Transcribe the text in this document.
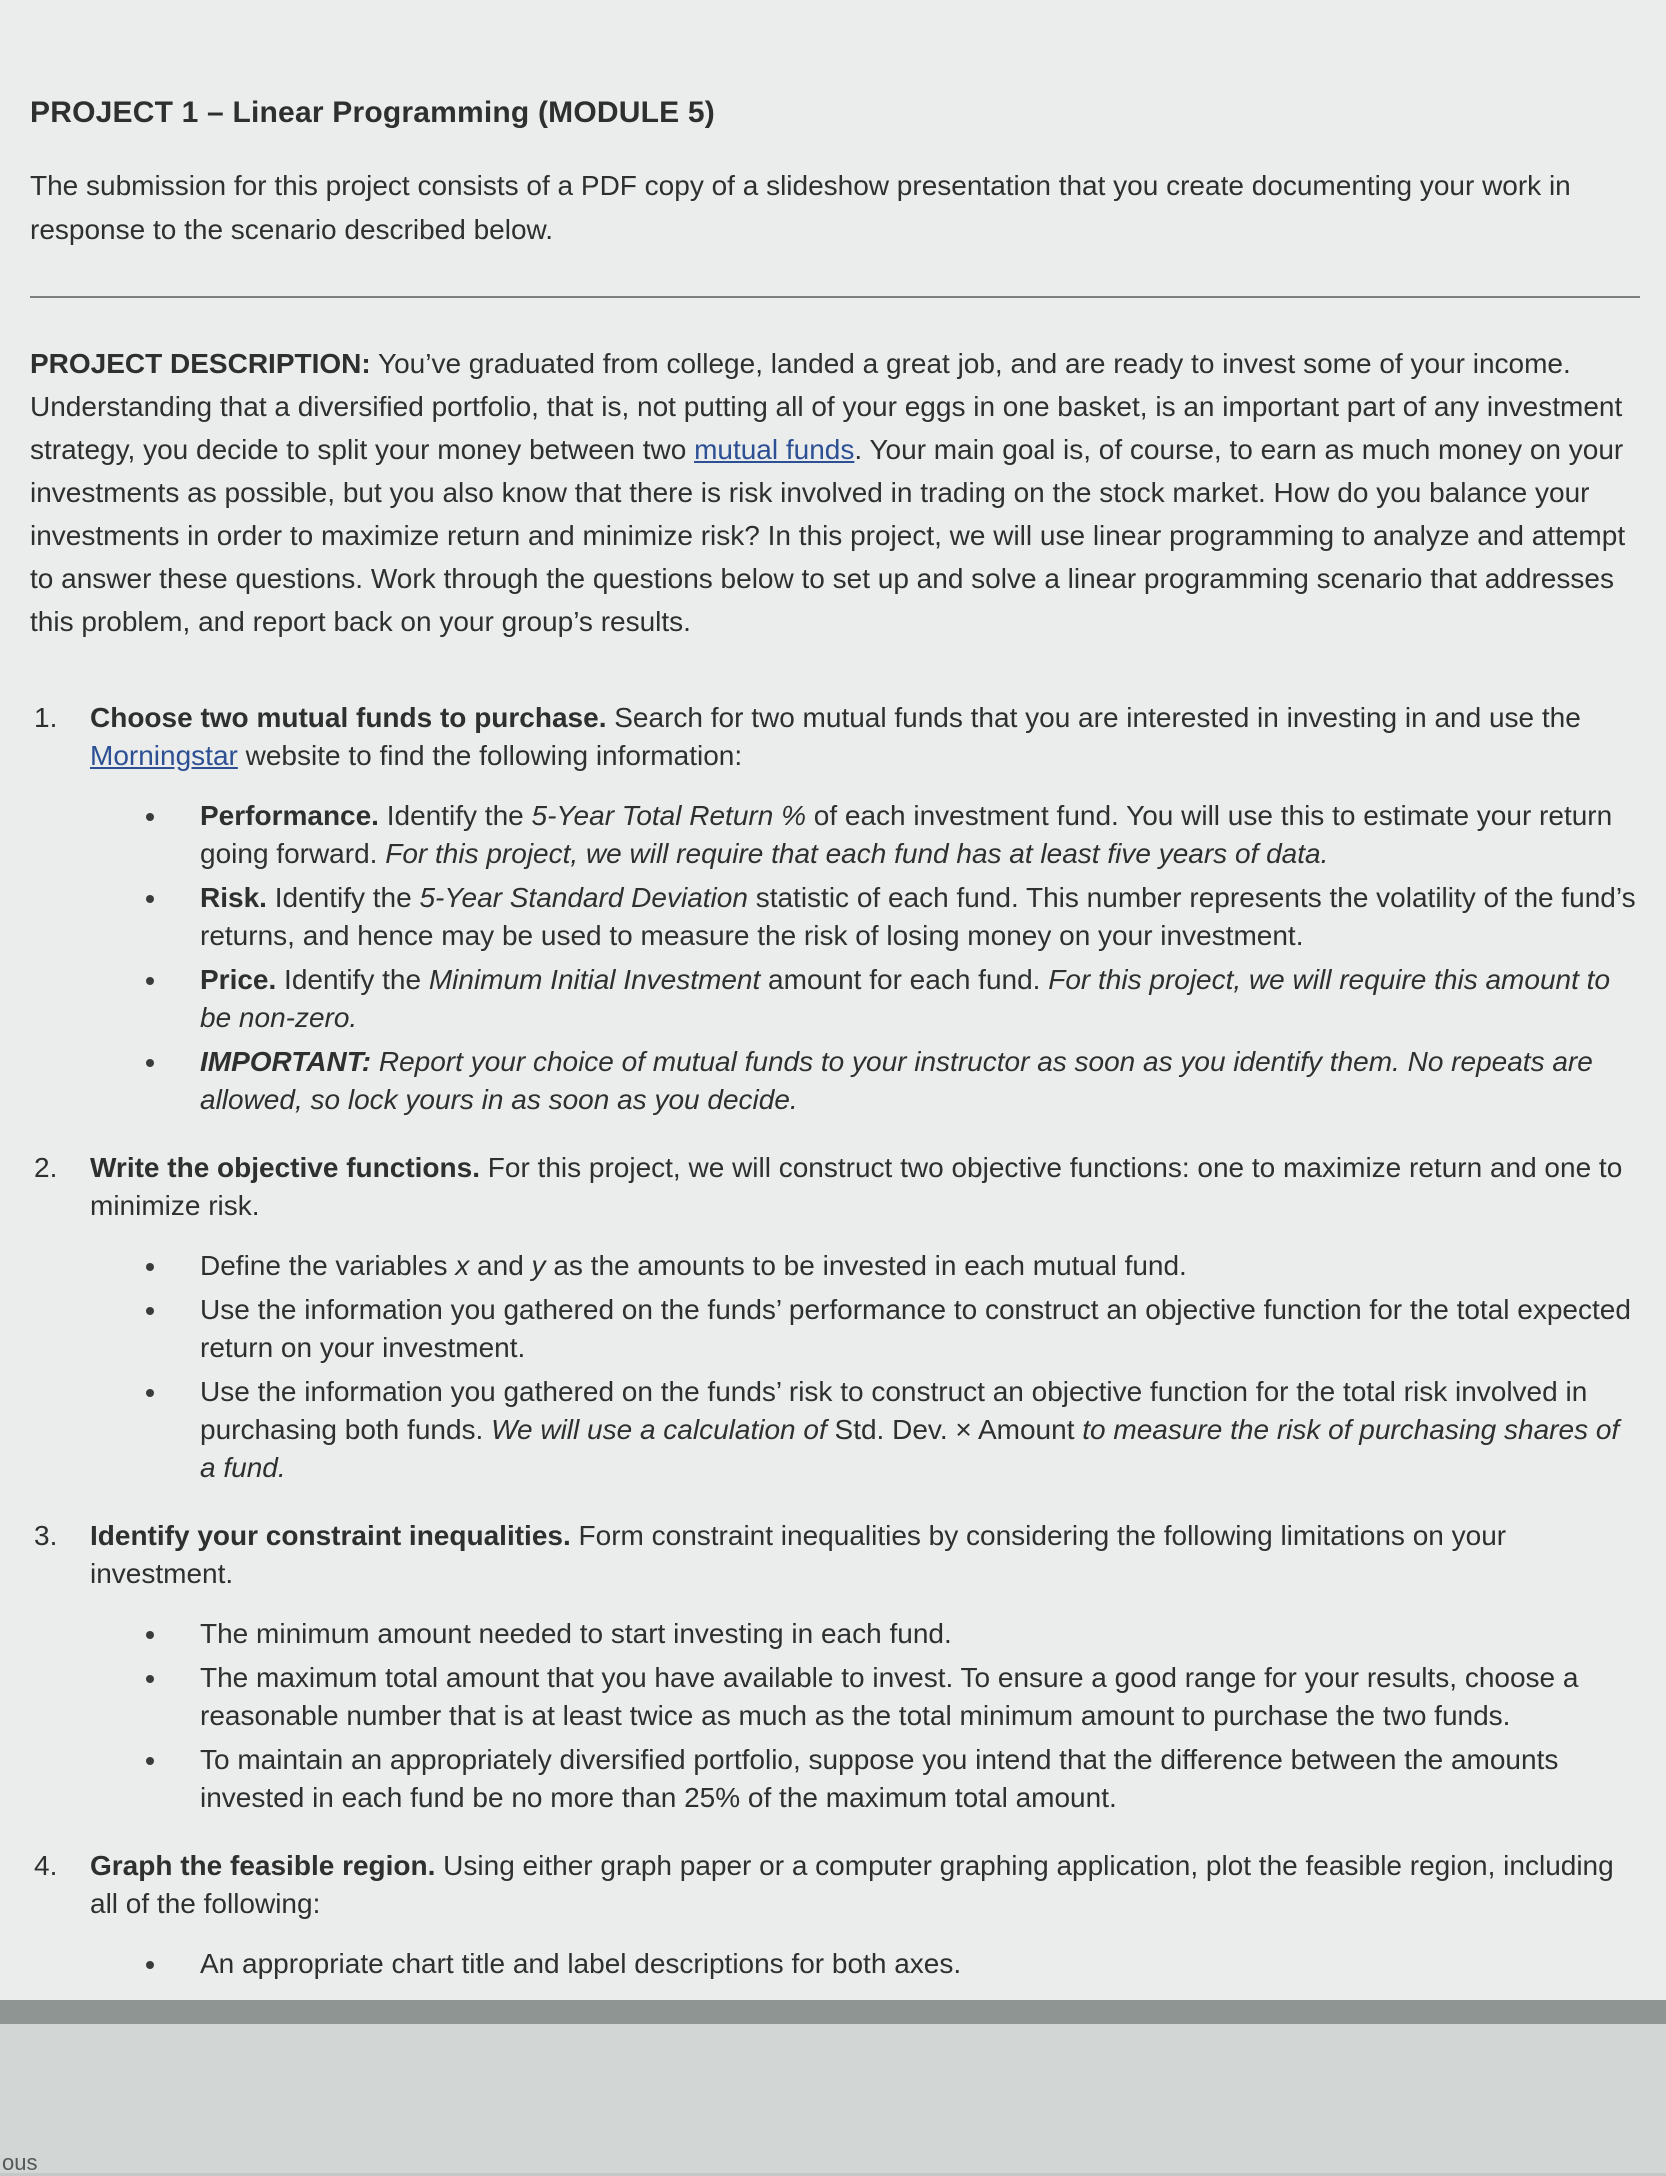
PROJECT 1 – Linear Programming (MODULE 5)

The submission for this project consists of a PDF copy of a slideshow presentation that you create documenting your work in response to the scenario described below.

PROJECT DESCRIPTION: You’ve graduated from college, landed a great job, and are ready to invest some of your income. Understanding that a diversified portfolio, that is, not putting all of your eggs in one basket, is an important part of any investment strategy, you decide to split your money between two mutual funds. Your main goal is, of course, to earn as much money on your investments as possible, but you also know that there is risk involved in trading on the stock market. How do you balance your investments in order to maximize return and minimize risk? In this project, we will use linear programming to analyze and attempt to answer these questions. Work through the questions below to set up and solve a linear programming scenario that addresses this problem, and report back on your group’s results.

1. Choose two mutual funds to purchase. Search for two mutual funds that you are interested in investing in and use the Morningstar website to find the following information:
Performance. Identify the 5-Year Total Return % of each investment fund. You will use this to estimate your return going forward. For this project, we will require that each fund has at least five years of data.
Risk. Identify the 5-Year Standard Deviation statistic of each fund. This number represents the volatility of the fund’s returns, and hence may be used to measure the risk of losing money on your investment.
Price. Identify the Minimum Initial Investment amount for each fund. For this project, we will require this amount to be non-zero.
IMPORTANT: Report your choice of mutual funds to your instructor as soon as you identify them. No repeats are allowed, so lock yours in as soon as you decide.
2. Write the objective functions. For this project, we will construct two objective functions: one to maximize return and one to minimize risk.
Define the variables x and y as the amounts to be invested in each mutual fund.
Use the information you gathered on the funds’ performance to construct an objective function for the total expected return on your investment.
Use the information you gathered on the funds’ risk to construct an objective function for the total risk involved in purchasing both funds. We will use a calculation of Std. Dev. × Amount to measure the risk of purchasing shares of a fund.
3. Identify your constraint inequalities. Form constraint inequalities by considering the following limitations on your investment.
The minimum amount needed to start investing in each fund.
The maximum total amount that you have available to invest. To ensure a good range for your results, choose a reasonable number that is at least twice as much as the total minimum amount to purchase the two funds.
To maintain an appropriately diversified portfolio, suppose you intend that the difference between the amounts invested in each fund be no more than 25% of the maximum total amount.
4. Graph the feasible region. Using either graph paper or a computer graphing application, plot the feasible region, including all of the following:
An appropriate chart title and label descriptions for both axes.
ous
